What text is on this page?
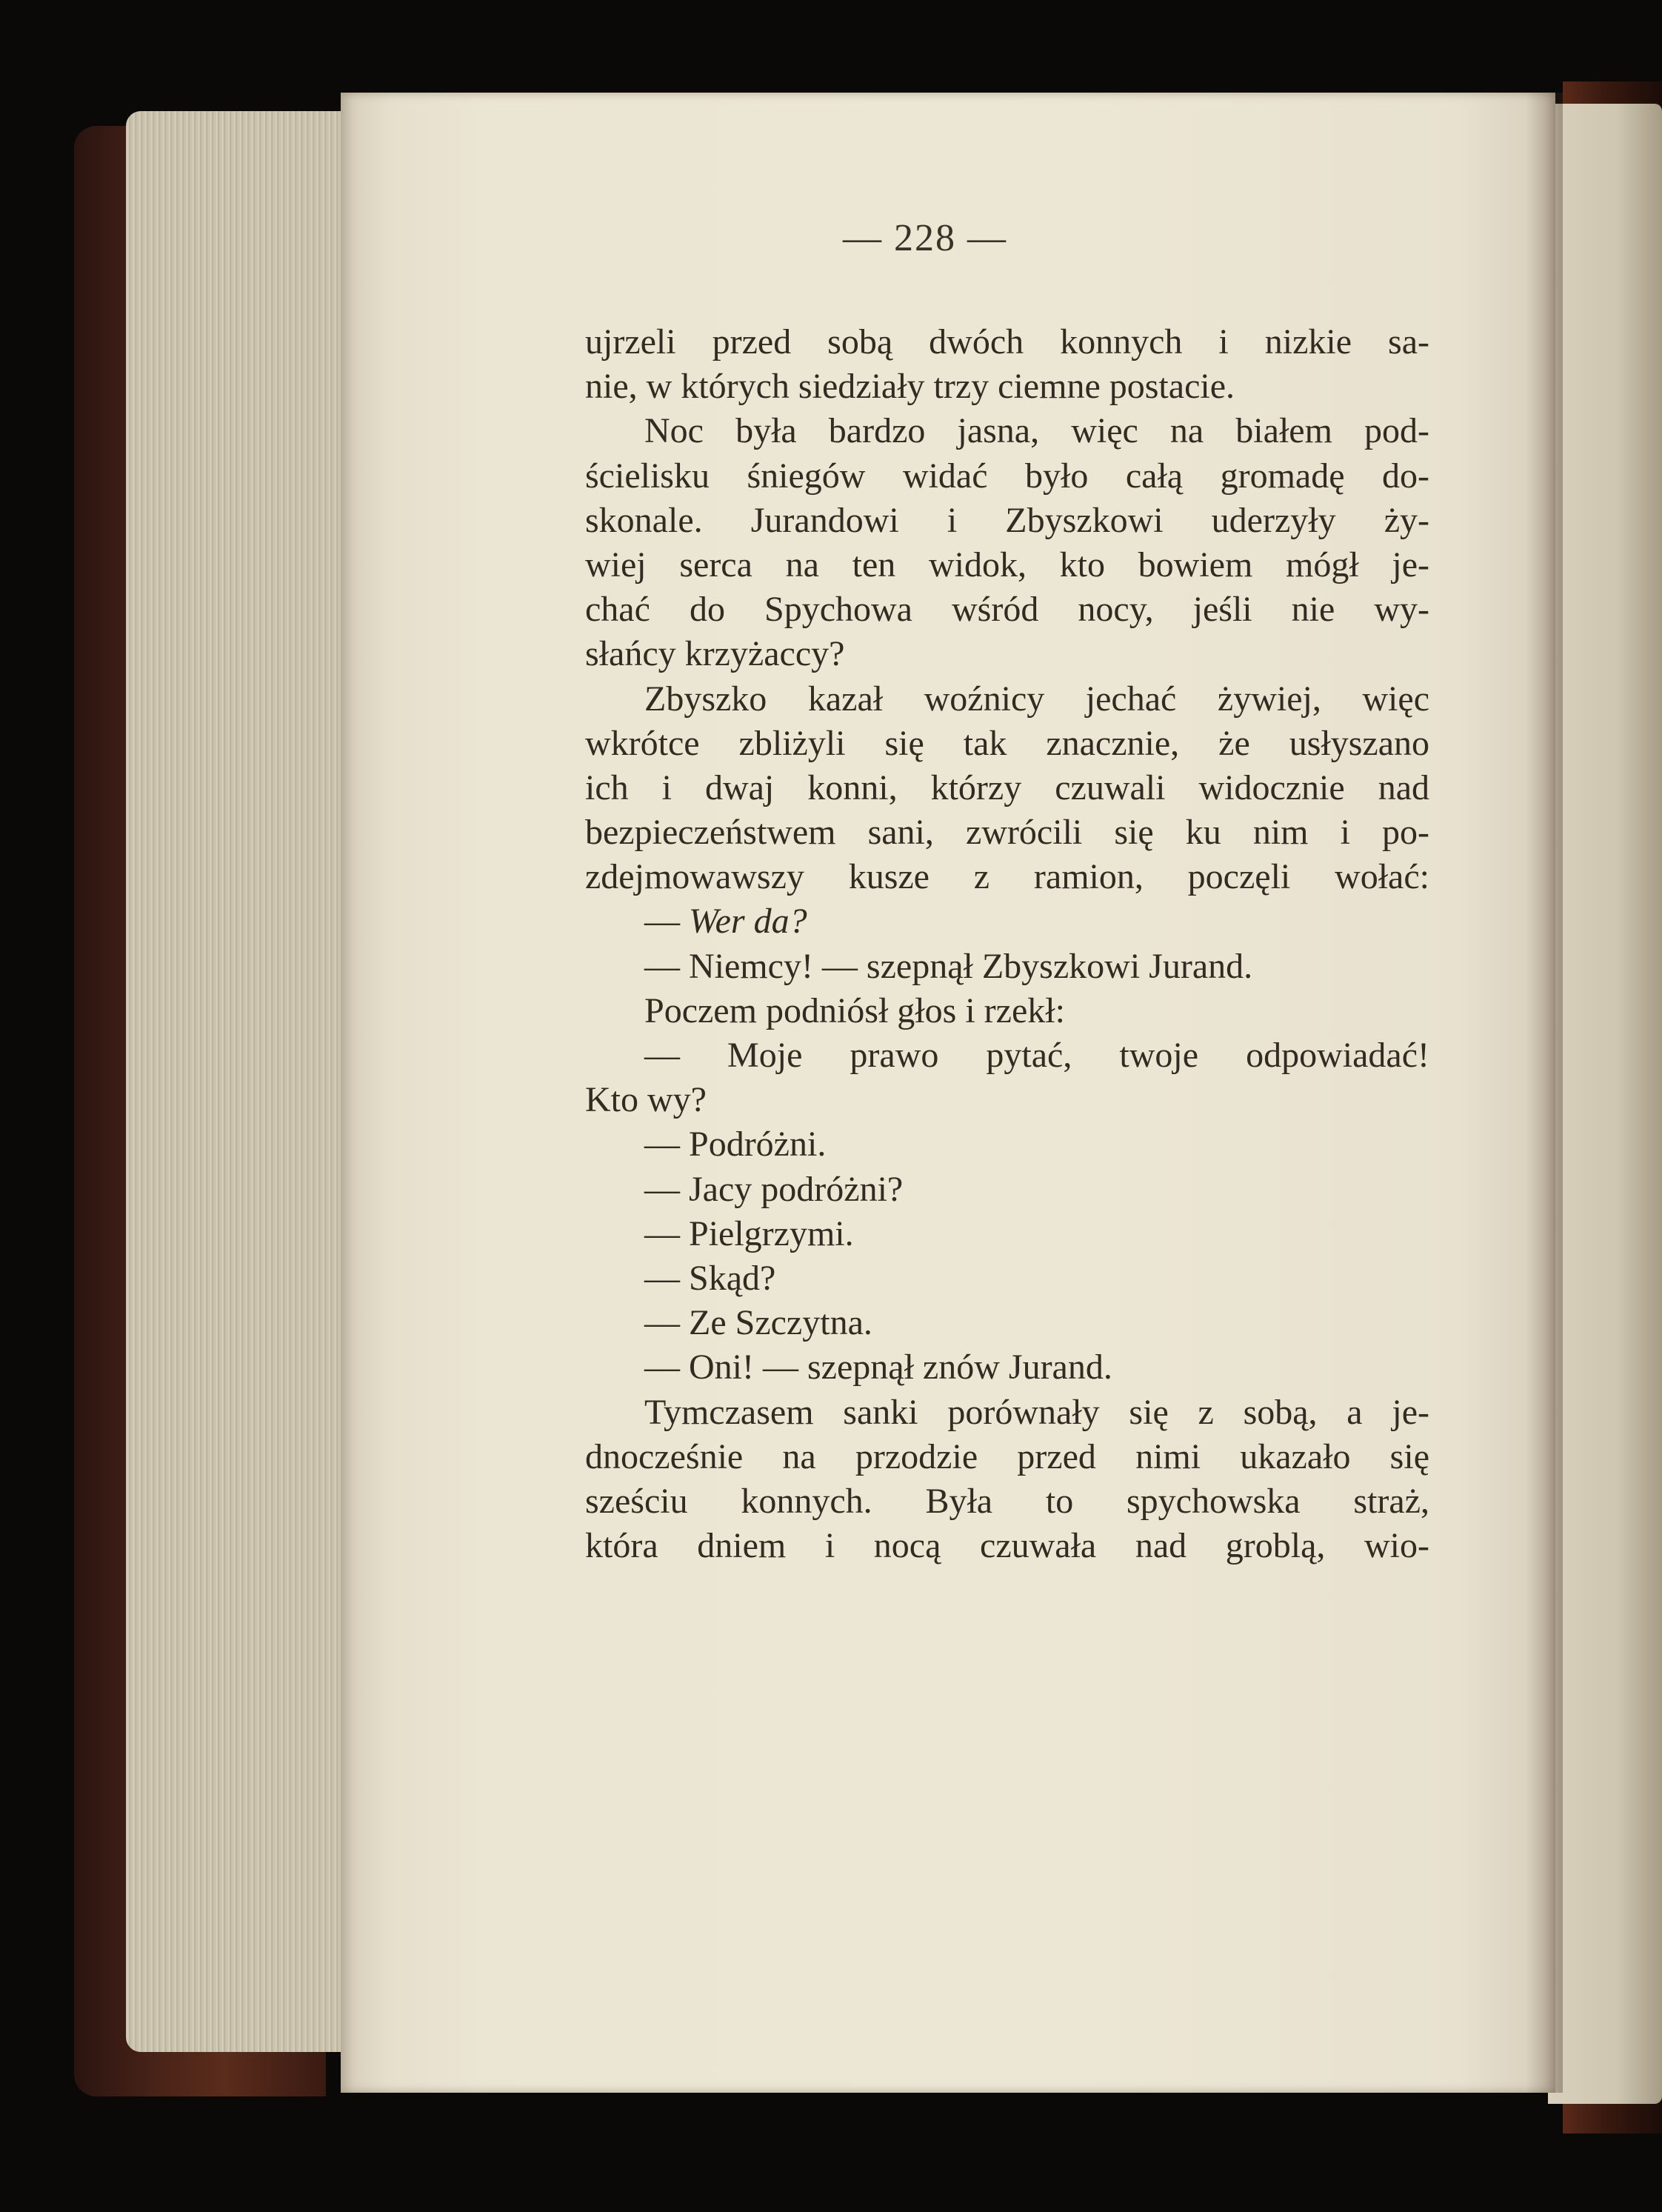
— 228 —
ujrzeli przed sobą dwóch konnych i nizkie sa-
nie, w których siedziały trzy ciemne postacie.
Noc była bardzo jasna, więc na białem pod-
ścielisku śniegów widać było całą gromadę do-
skonale. Jurandowi i Zbyszkowi uderzyły ży-
wiej serca na ten widok, kto bowiem mógł je-
chać do Spychowa wśród nocy, jeśli nie wy-
słańcy krzyżaccy?
Zbyszko kazał woźnicy jechać żywiej, więc
wkrótce zbliżyli się tak znacznie, że usłyszano
ich i dwaj konni, którzy czuwali widocznie nad
bezpieczeństwem sani, zwrócili się ku nim i po-
zdejmowawszy kusze z ramion, poczęli wołać:
— Wer da?
— Niemcy! — szepnął Zbyszkowi Jurand.
Poczem podniósł głos i rzekł:
— Moje prawo pytać, twoje odpowiadać!
Kto wy?
— Podróżni.
— Jacy podróżni?
— Pielgrzymi.
— Skąd?
— Ze Szczytna.
— Oni! — szepnął znów Jurand.
Tymczasem sanki porównały się z sobą, a je-
dnocześnie na przodzie przed nimi ukazało się
sześciu konnych. Była to spychowska straż,
która dniem i nocą czuwała nad groblą, wio-
